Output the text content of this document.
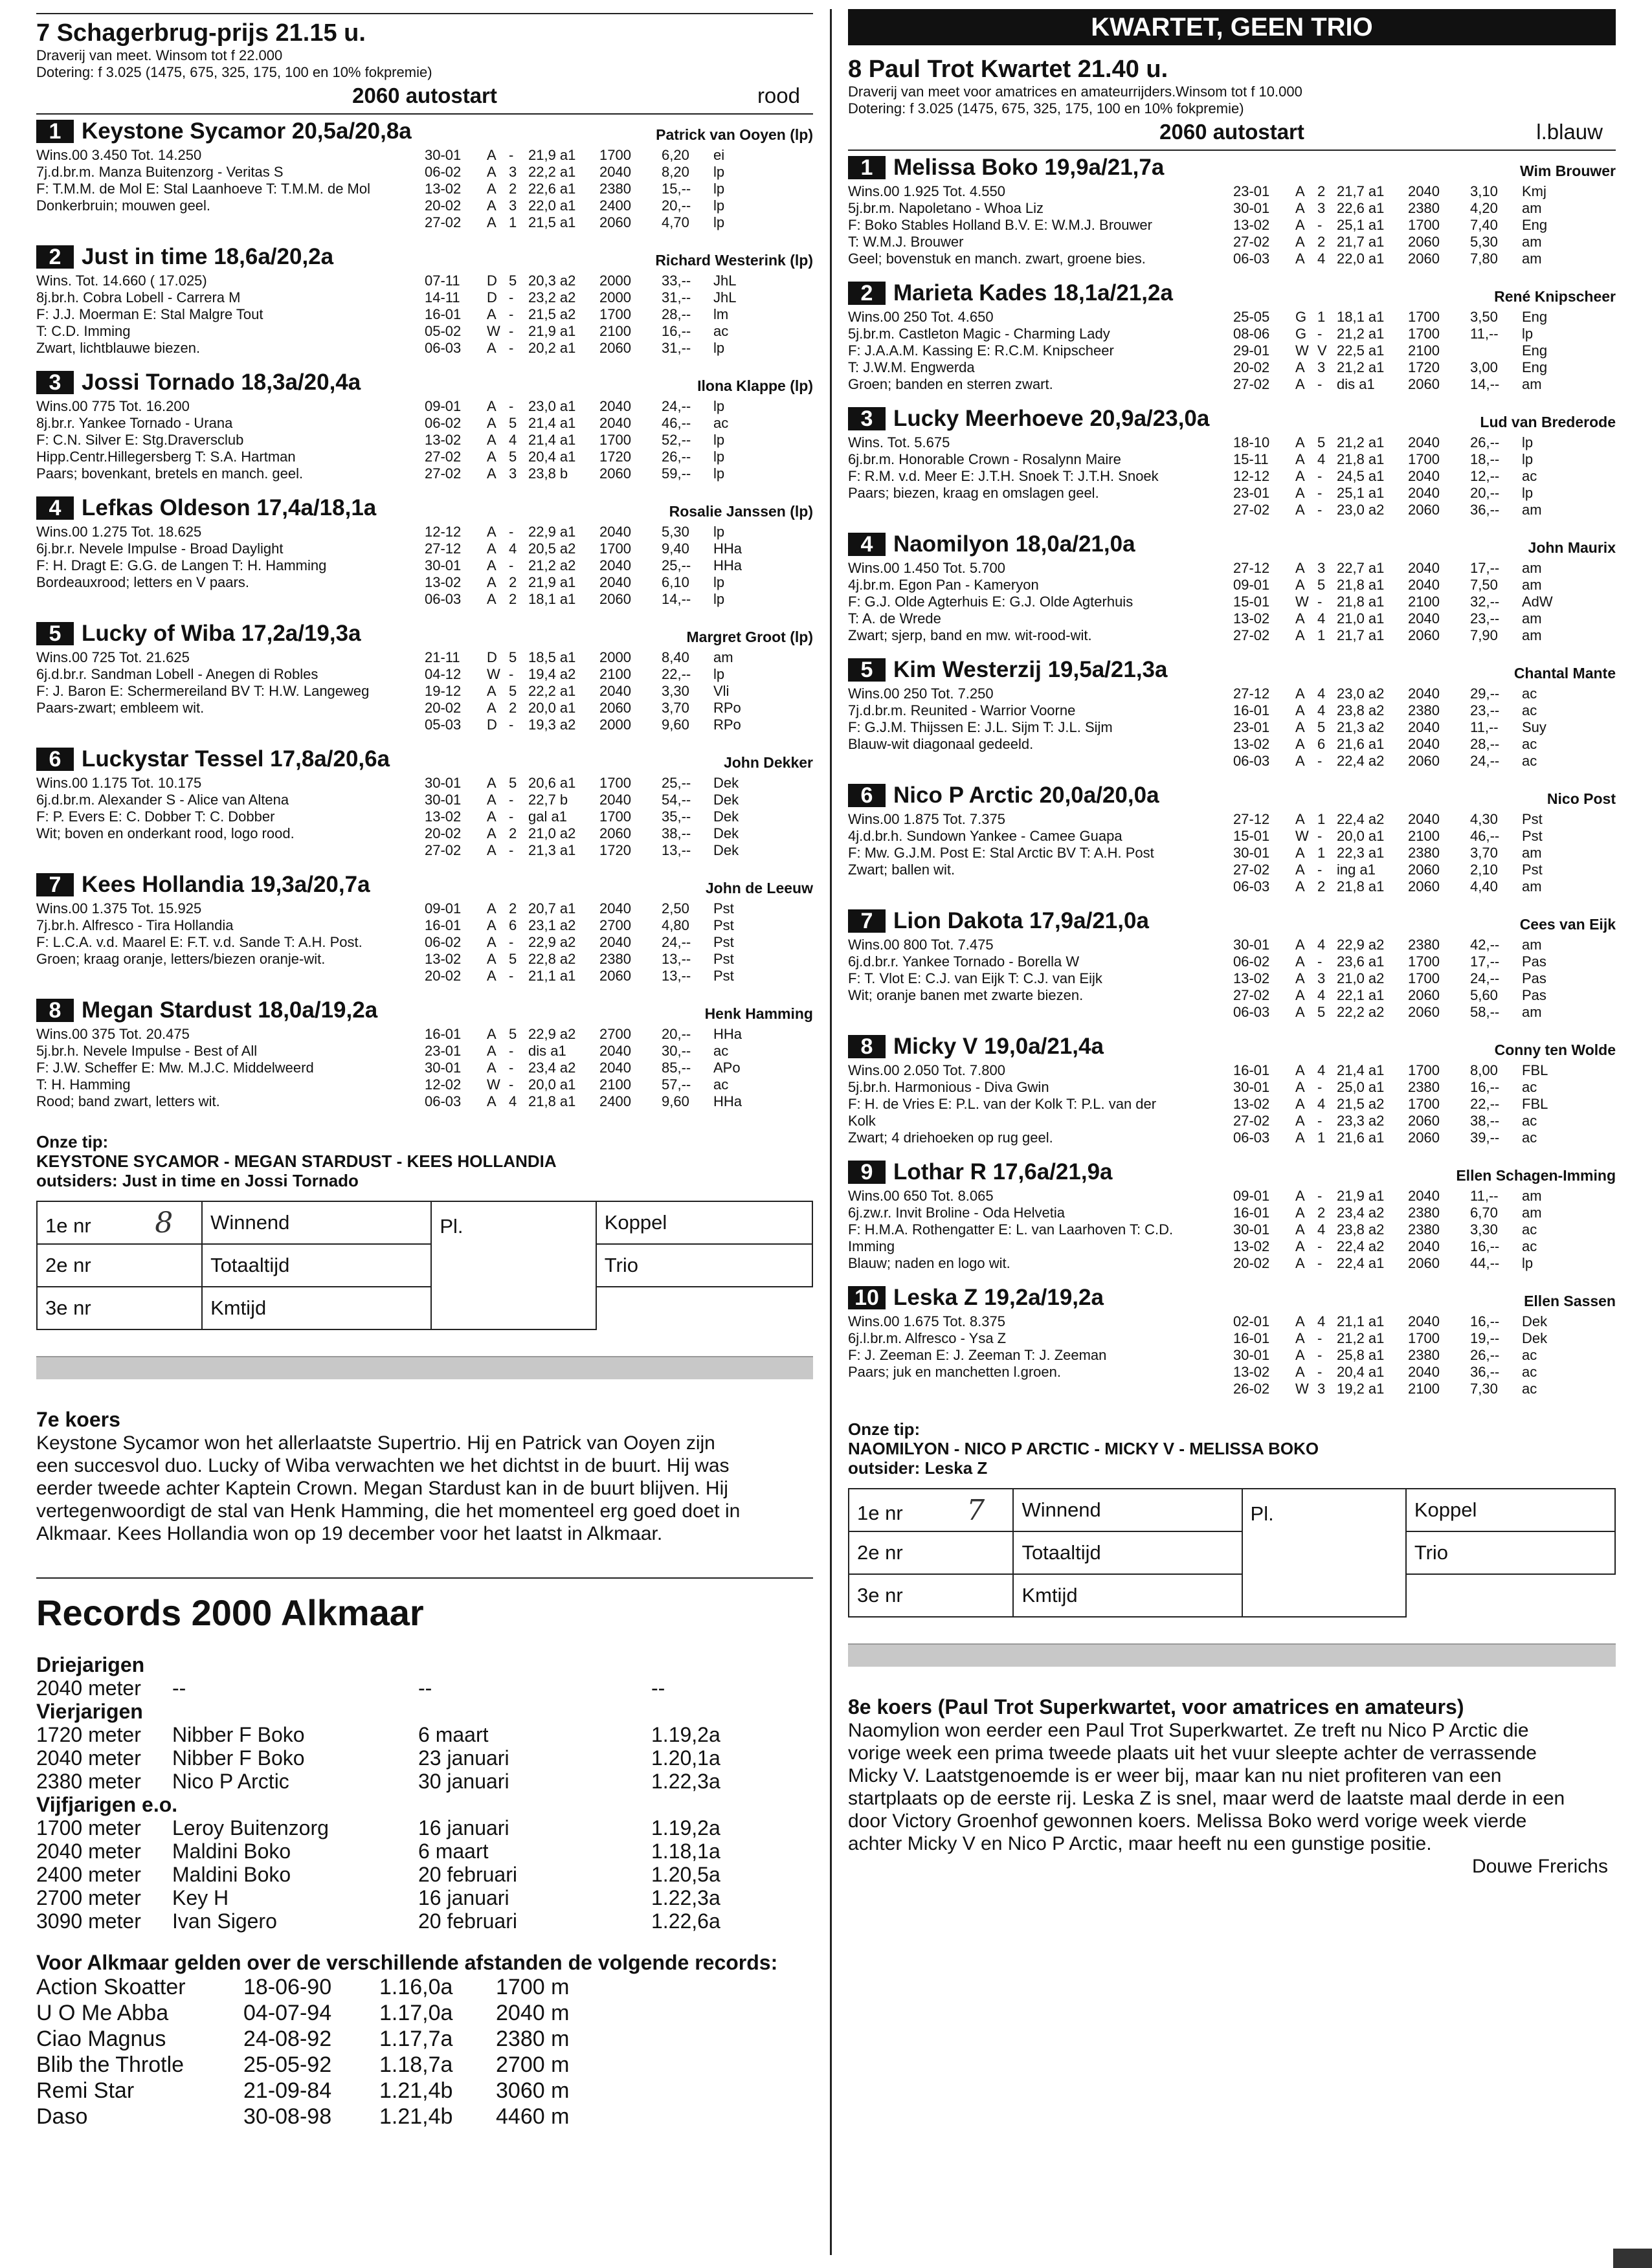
7 Schagerbrug-prijs 21.15 u.
Draverij van meet. Winsom tot f 22.000
Dotering: f 3.025 (1475, 675, 325, 175, 100 en 10% fokpremie)
2060 autostart	rood
1 Keystone Sycamor 20,5a/20,8a	Patrick van Ooyen (lp)
Wins.00 3.450 Tot. 14.250
7j.d.br.m. Manza Buitenzorg - Veritas S
F: T.M.M. de Mol E: Stal Laanhoeve T: T.M.M. de Mol
Donkerbruin; mouwen geel.
30-01 A - 21,9 a1 1700 6,20 ei
06-02 A 3 22,2 a1 2040 8,20 lp
13-02 A 2 22,6 a1 2380 15,-- lp
20-02 A 3 22,0 a1 2400 20,-- lp
27-02 A 1 21,5 a1 2060 4,70 lp
2 Just in time 18,6a/20,2a	Richard Westerink (lp)
Wins. Tot. 14.660 ( 17.025)
8j.br.h. Cobra Lobell - Carrera M
F: J.J. Moerman E: Stal Malgre Tout
T: C.D. Imming
Zwart, lichtblauwe biezen.
07-11 D 5 20,3 a2 2000 33,-- JhL
14-11 D - 23,2 a2 2000 31,-- JhL
16-01 A - 21,5 a2 1700 28,-- lm
05-02 W - 21,9 a1 2100 16,-- ac
06-03 A - 20,2 a1 2060 31,-- lp
3 Jossi Tornado 18,3a/20,4a	Ilona Klappe (lp)
Wins.00 775 Tot. 16.200
8j.br.r. Yankee Tornado - Urana
F: C.N. Silver E: Stg.Draversclub
Hipp.Centr.Hillegersberg T: S.A. Hartman
Paars; bovenkant, bretels en manch. geel.
09-01 A - 23,0 a1 2040 24,-- lp
06-02 A 5 21,4 a1 2040 46,-- ac
13-02 A 4 21,4 a1 1700 52,-- lp
27-02 A 5 20,4 a1 1720 26,-- lp
27-02 A 3 23,8 b 2060 59,-- lp
4 Lefkas Oldeson 17,4a/18,1a	Rosalie Janssen (lp)
Wins.00 1.275 Tot. 18.625
6j.br.r. Nevele Impulse - Broad Daylight
F: H. Dragt E: G.G. de Langen T: H. Hamming
Bordeauxrood; letters en V paars.
12-12 A - 22,9 a1 2040 5,30 lp
27-12 A 4 20,5 a2 1700 9,40 HHa
30-01 A - 21,2 a2 2040 25,-- HHa
13-02 A 2 21,9 a1 2040 6,10 lp
06-03 A 2 18,1 a1 2060 14,-- lp
5 Lucky of Wiba 17,2a/19,3a	Margret Groot (lp)
Wins.00 725 Tot. 21.625
6j.d.br.r. Sandman Lobell - Anegen di Robles
F: J. Baron E: Schermereiland BV T: H.W. Langeweg
Paars-zwart; embleem wit.
21-11 D 5 18,5 a1 2000 8,40 am
04-12 W - 19,4 a2 2100 22,-- lp
19-12 A 5 22,2 a1 2040 3,30 Vli
20-02 A 2 20,0 a1 2060 3,70 RPo
05-03 D - 19,3 a2 2000 9,60 RPo
6 Luckystar Tessel 17,8a/20,6a	John Dekker
Wins.00 1.175 Tot. 10.175
6j.d.br.m. Alexander S - Alice van Altena
F: P. Evers E: C. Dobber T: C. Dobber
Wit; boven en onderkant rood, logo rood.
30-01 A 5 20,6 a1 1700 25,-- Dek
30-01 A - 22,7 b 2040 54,-- Dek
13-02 A - gal a1 1700 35,-- Dek
20-02 A 2 21,0 a2 2060 38,-- Dek
27-02 A - 21,3 a1 1720 13,-- Dek
7 Kees Hollandia 19,3a/20,7a	John de Leeuw
Wins.00 1.375 Tot. 15.925
7j.br.h. Alfresco - Tira Hollandia
F: L.C.A. v.d. Maarel E: F.T. v.d. Sande T: A.H. Post.
Groen; kraag oranje, letters/biezen oranje-wit.
09-01 A 2 20,7 a1 2040 2,50 Pst
16-01 A 6 23,1 a2 2700 4,80 Pst
06-02 A - 22,9 a2 2040 24,-- Pst
13-02 A 5 22,8 a2 2380 13,-- Pst
20-02 A - 21,1 a1 2060 13,-- Pst
8 Megan Stardust 18,0a/19,2a	Henk Hamming
Wins.00 375 Tot. 20.475
5j.br.h. Nevele Impulse - Best of All
F: J.W. Scheffer E: Mw. M.J.C. Middelweerd
T: H. Hamming
Rood; band zwart, letters wit.
16-01 A 5 22,9 a2 2700 20,-- HHa
23-01 A - dis a1 2040 30,-- ac
30-01 A - 23,4 a2 2040 85,-- APo
12-02 W - 20,0 a1 2100 57,-- ac
06-03 A 4 21,8 a1 2400 9,60 HHa
Onze tip:
KEYSTONE SYCAMOR - MEGAN STARDUST - KEES HOLLANDIA
outsiders: Just in time en Jossi Tornado
1e nr 8	Winnend	Pl.	Koppel
2e nr	Totaaltijd		Trio
3e nr	Kmtijd		
7e koers
Keystone Sycamor won het allerlaatste Supertrio. Hij en Patrick van Ooyen zijn
een succesvol duo. Lucky of Wiba verwachten we het dichtst in de buurt. Hij was
eerder tweede achter Kaptein Crown. Megan Stardust kan in de buurt blijven. Hij
vertegenwoordigt de stal van Henk Hamming, die het momenteel erg goed doet in
Alkmaar. Kees Hollandia won op 19 december voor het laatst in Alkmaar.
Records 2000 Alkmaar
Driejarigen
2040 meter --	--	--
Vierjarigen
1720 meter Nibber F Boko	6 maart	1.19,2a
2040 meter Nibber F Boko	23 januari	1.20,1a
2380 meter Nico P Arctic	30 januari	1.22,3a
Vijfjarigen e.o.
1700 meter Leroy Buitenzorg	16 januari	1.19,2a
2040 meter Maldini Boko	6 maart	1.18,1a
2400 meter Maldini Boko	20 februari	1.20,5a
2700 meter Key H	16 januari	1.22,3a
3090 meter Ivan Sigero	20 februari	1.22,6a
Voor Alkmaar gelden over de verschillende afstanden de volgende records:
Action Skoatter	18-06-90 1.16,0a 1700 m
U O Me Abba	04-07-94 1.17,0a 2040 m
Ciao Magnus	24-08-92 1.17,7a 2380 m
Blib the Throtle	25-05-92 1.18,7a 2700 m
Remi Star	21-09-84 1.21,4b 3060 m
Daso	30-08-98 1.21,4b 4460 m
KWARTET, GEEN TRIO
8 Paul Trot Kwartet 21.40 u.
Draverij van meet voor amatrices en amateurrijders.Winsom tot f 10.000
Dotering: f 3.025 (1475, 675, 325, 175, 100 en 10% fokpremie)
2060 autostart	l.blauw
1 Melissa Boko 19,9a/21,7a	Wim Brouwer
Wins.00 1.925 Tot. 4.550
5j.br.m. Napoletano - Whoa Liz
F: Boko Stables Holland B.V. E: W.M.J. Brouwer
T: W.M.J. Brouwer
Geel; bovenstuk en manch. zwart, groene bies.
23-01 A 2 21,7 a1 2040 3,10 Kmj
30-01 A 3 22,6 a1 2380 4,20 am
13-02 A - 25,1 a1 1700 7,40 Eng
27-02 A 2 21,7 a1 2060 5,30 am
06-03 A 4 22,0 a1 2060 7,80 am
2 Marieta Kades 18,1a/21,2a	René Knipscheer
Wins.00 250 Tot. 4.650
5j.br.m. Castleton Magic - Charming Lady
F: J.A.A.M. Kassing E: R.C.M. Knipscheer
T: J.W.M. Engwerda
Groen; banden en sterren zwart.
25-05 G 1 18,1 a1 1700 3,50 Eng
08-06 G - 21,2 a1 1700 11,-- lp
29-01 W V 22,5 a1 2100	Eng
20-02 A 3 21,2 a1 1720 3,00 Eng
27-02 A - dis a1 2060 14,-- am
3 Lucky Meerhoeve 20,9a/23,0a	Lud van Brederode
Wins. Tot. 5.675
6j.br.m. Honorable Crown - Rosalynn Maire
F: R.M. v.d. Meer E: J.T.H. Snoek T: J.T.H. Snoek
Paars; biezen, kraag en omslagen geel.
18-10 A 5 21,2 a1 2040 26,-- lp
15-11 A 4 21,8 a1 1700 18,-- lp
12-12 A - 24,5 a1 2040 12,-- ac
23-01 A - 25,1 a1 2040 20,-- lp
27-02 A - 23,0 a2 2060 36,-- am
4 Naomilyon 18,0a/21,0a	John Maurix
Wins.00 1.450 Tot. 5.700
4j.br.m. Egon Pan - Kameryon
F: G.J. Olde Agterhuis E: G.J. Olde Agterhuis
T: A. de Wrede
Zwart; sjerp, band en mw. wit-rood-wit.
27-12 A 3 22,7 a1 2040 17,-- am
09-01 A 5 21,8 a1 2040 7,50 am
15-01 W - 21,8 a1 2100 32,-- AdW
13-02 A 4 21,0 a1 2040 23,-- am
27-02 A 1 21,7 a1 2060 7,90 am
5 Kim Westerzij 19,5a/21,3a	Chantal Mante
Wins.00 250 Tot. 7.250
7j.d.br.m. Reunited - Warrior Voorne
F: G.J.M. Thijssen E: J.L. Sijm T: J.L. Sijm
Blauw-wit diagonaal gedeeld.
27-12 A 4 23,0 a2 2040 29,-- ac
16-01 A 4 23,8 a2 2380 23,-- ac
23-01 A 5 21,3 a2 2040 11,-- Suy
13-02 A 6 21,6 a1 2040 28,-- ac
06-03 A - 22,4 a2 2060 24,-- ac
6 Nico P Arctic 20,0a/20,0a	Nico Post
Wins.00 1.875 Tot. 7.375
4j.d.br.h. Sundown Yankee - Camee Guapa
F: Mw. G.J.M. Post E: Stal Arctic BV T: A.H. Post
Zwart; ballen wit.
27-12 A 1 22,4 a2 2040 4,30 Pst
15-01 W - 20,0 a1 2100 46,-- Pst
30-01 A 1 22,3 a1 2380 3,70 am
27-02 A - ing a1 2060 2,10 Pst
06-03 A 2 21,8 a1 2060 4,40 am
7 Lion Dakota 17,9a/21,0a	Cees van Eijk
Wins.00 800 Tot. 7.475
6j.d.br.r. Yankee Tornado - Borella W
F: T. Vlot E: C.J. van Eijk T: C.J. van Eijk
Wit; oranje banen met zwarte biezen.
30-01 A 4 22,9 a2 2380 42,-- am
06-02 A - 23,6 a1 1700 17,-- Pas
13-02 A 3 21,0 a2 1700 24,-- Pas
27-02 A 4 22,1 a1 2060 5,60 Pas
06-03 A 5 22,2 a2 2060 58,-- am
8 Micky V 19,0a/21,4a	Conny ten Wolde
Wins.00 2.050 Tot. 7.800
5j.br.h. Harmonious - Diva Gwin
F: H. de Vries E: P.L. van der Kolk T: P.L. van der
Kolk
Zwart; 4 driehoeken op rug geel.
16-01 A 4 21,4 a1 1700 8,00 FBL
30-01 A - 25,0 a1 2380 16,-- ac
13-02 A 4 21,5 a2 1700 22,-- FBL
27-02 A - 23,3 a2 2060 38,-- ac
06-03 A 1 21,6 a1 2060 39,-- ac
9 Lothar R 17,6a/21,9a	Ellen Schagen-Imming
Wins.00 650 Tot. 8.065
6j.zw.r. Invit Broline - Oda Helvetia
F: H.M.A. Rothengatter E: L. van Laarhoven T: C.D.
Imming
Blauw; naden en logo wit.
09-01 A - 21,9 a1 2040 11,-- am
16-01 A 2 23,4 a2 2380 6,70 am
30-01 A 4 23,8 a2 2380 3,30 ac
13-02 A - 22,4 a2 2040 16,-- ac
20-02 A - 22,4 a1 2060 44,-- lp
10 Leska Z 19,2a/19,2a	Ellen Sassen
Wins.00 1.675 Tot. 8.375
6j.l.br.m. Alfresco - Ysa Z
F: J. Zeeman E: J. Zeeman T: J. Zeeman
Paars; juk en manchetten l.groen.
02-01 A 4 21,1 a1 2040 16,-- Dek
16-01 A - 21,2 a1 1700 19,-- Dek
30-01 A - 25,8 a1 2380 26,-- ac
13-02 A - 20,4 a1 2040 36,-- ac
26-02 W 3 19,2 a1 2100 7,30 ac
Onze tip:
NAOMILYON - NICO P ARCTIC - MICKY V - MELISSA BOKO
outsider: Leska Z
1e nr 7	Winnend	Pl.	Koppel
2e nr	Totaaltijd		Trio
3e nr	Kmtijd		
8e koers (Paul Trot Superkwartet, voor amatrices en amateurs)
Naomylion won eerder een Paul Trot Superkwartet. Ze treft nu Nico P Arctic die
vorige week een prima tweede plaats uit het vuur sleepte achter de verrassende
Micky V. Laatstgenoemde is er weer bij, maar kan nu niet profiteren van een
startplaats op de eerste rij. Leska Z is snel, maar werd de laatste maal derde in een
door Victory Groenhof gewonnen koers. Melissa Boko werd vorige week vierde
achter Micky V en Nico P Arctic, maar heeft nu een gunstige positie.
Douwe Frerichs
